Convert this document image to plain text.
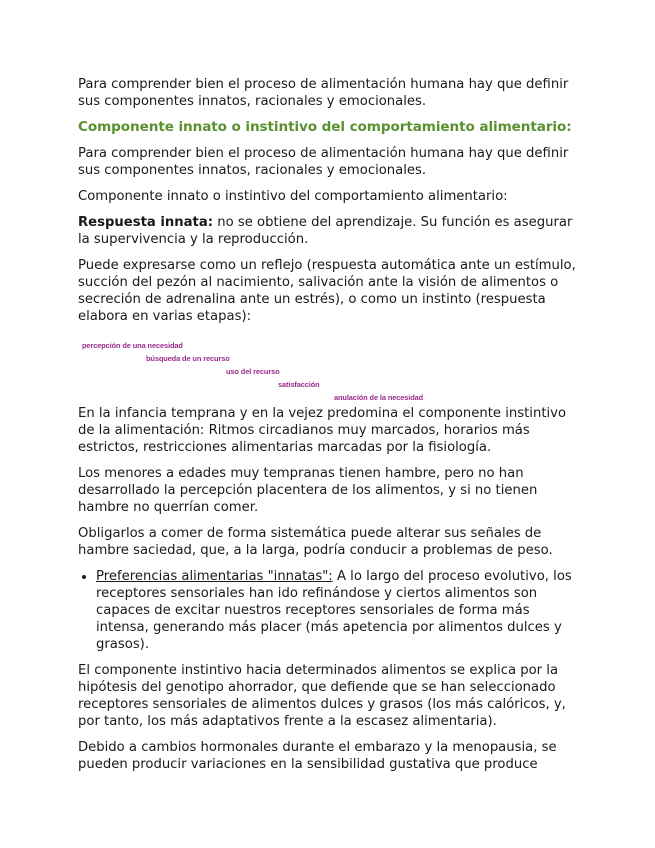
Para comprender bien el proceso de alimentación humana hay que definir sus componentes innatos, racionales y emocionales.

Componente innato o instintivo del comportamiento alimentario:

Para comprender bien el proceso de alimentación humana hay que definir sus componentes innatos, racionales y emocionales.

Componente innato o instintivo del comportamiento alimentario:

Respuesta innata: no se obtiene del aprendizaje. Su función es asegurar la supervivencia y la reproducción.

Puede expresarse como un reflejo (respuesta automática ante un estímulo, succión del pezón al nacimiento, salivación ante la visión de alimentos o secreción de adrenalina ante un estrés), o como un instinto (respuesta elabora en varias etapas):

percepción de una necesidad
búsqueda de un recurso
uso del recurso
satisfacción
anulación de la necesidad

En la infancia temprana y en la vejez predomina el componente instintivo de la alimentación: Ritmos circadianos muy marcados, horarios más estrictos, restricciones alimentarias marcadas por la fisiología.

Los menores a edades muy tempranas tienen hambre, pero no han desarrollado la percepción placentera de los alimentos, y si no tienen hambre no querrían comer.

Obligarlos a comer de forma sistemática puede alterar sus señales de hambre saciedad, que, a la larga, podría conducir a problemas de peso.

• Preferencias alimentarias "innatas": A lo largo del proceso evolutivo, los receptores sensoriales han ido refinándose y ciertos alimentos son capaces de excitar nuestros receptores sensoriales de forma más intensa, generando más placer (más apetencia por alimentos dulces y grasos).

El componente instintivo hacia determinados alimentos se explica por la hipótesis del genotipo ahorrador, que defiende que se han seleccionado receptores sensoriales de alimentos dulces y grasos (los más calóricos, y, por tanto, los más adaptativos frente a la escasez alimentaria).

Debido a cambios hormonales durante el embarazo y la menopausia, se pueden producir variaciones en la sensibilidad gustativa que produce
